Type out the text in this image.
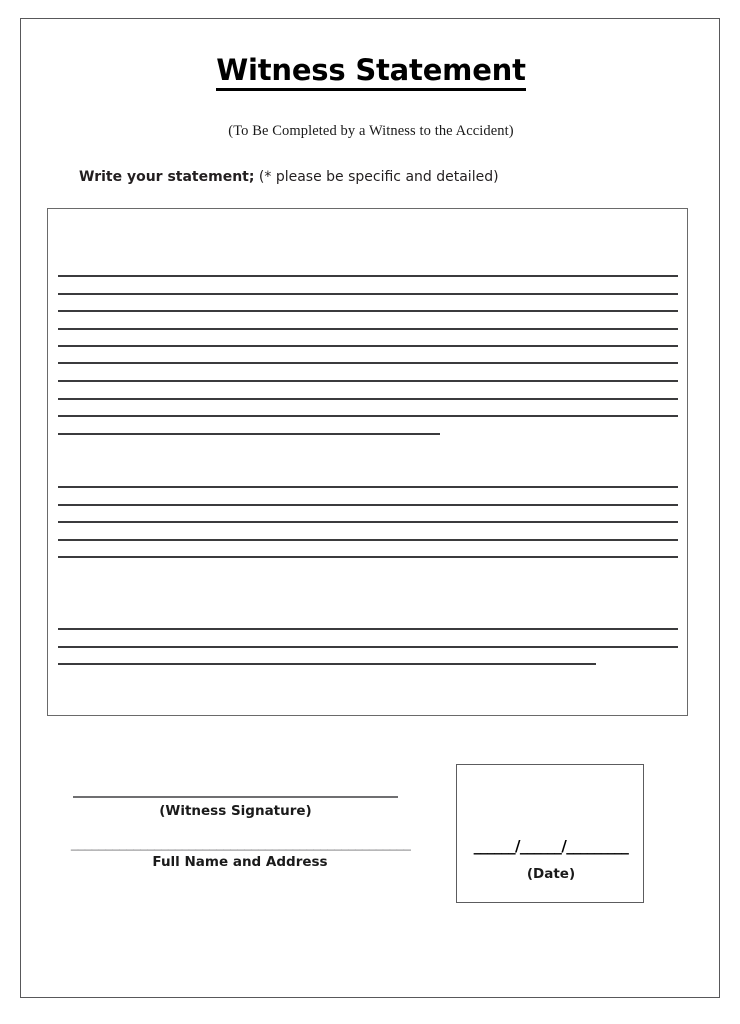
Witness Statement
(To Be Completed by a Witness to the Accident)
Write your statement; (* please be specific and detailed)
(Witness Signature)
_________________________________________________
Full Name and Address
______/______/_________
(Date)
